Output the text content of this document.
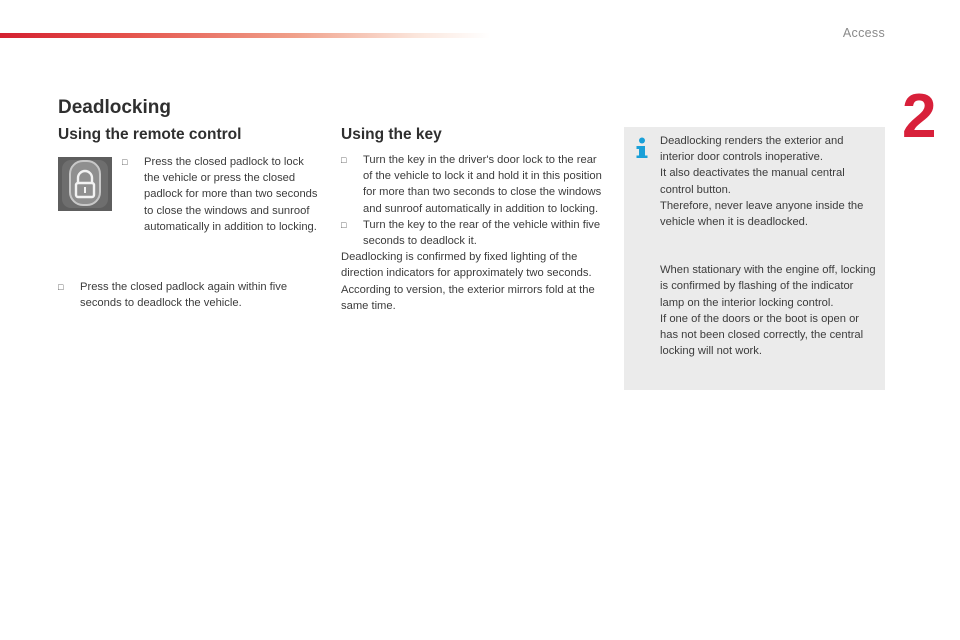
Access
2
Deadlocking
Using the remote control
□ Press the closed padlock to lock the vehicle or press the closed padlock for more than two seconds to close the windows and sunroof automatically in addition to locking.
□ Press the closed padlock again within five seconds to deadlock the vehicle.
Using the key
□ Turn the key in the driver's door lock to the rear of the vehicle to lock it and hold it in this position for more than two seconds to close the windows and sunroof automatically in addition to locking.
□ Turn the key to the rear of the vehicle within five seconds to deadlock it.
Deadlocking is confirmed by fixed lighting of the direction indicators for approximately two seconds.
According to version, the exterior mirrors fold at the same time.

Deadlocking renders the exterior and interior door controls inoperative.

It also deactivates the manual central control button.

Therefore, never leave anyone inside the vehicle when it is deadlocked.

When stationary with the engine off, locking is confirmed by flashing of the indicator lamp on the interior locking control.

If one of the doors or the boot is open or has not been closed correctly, the central locking will not work.
